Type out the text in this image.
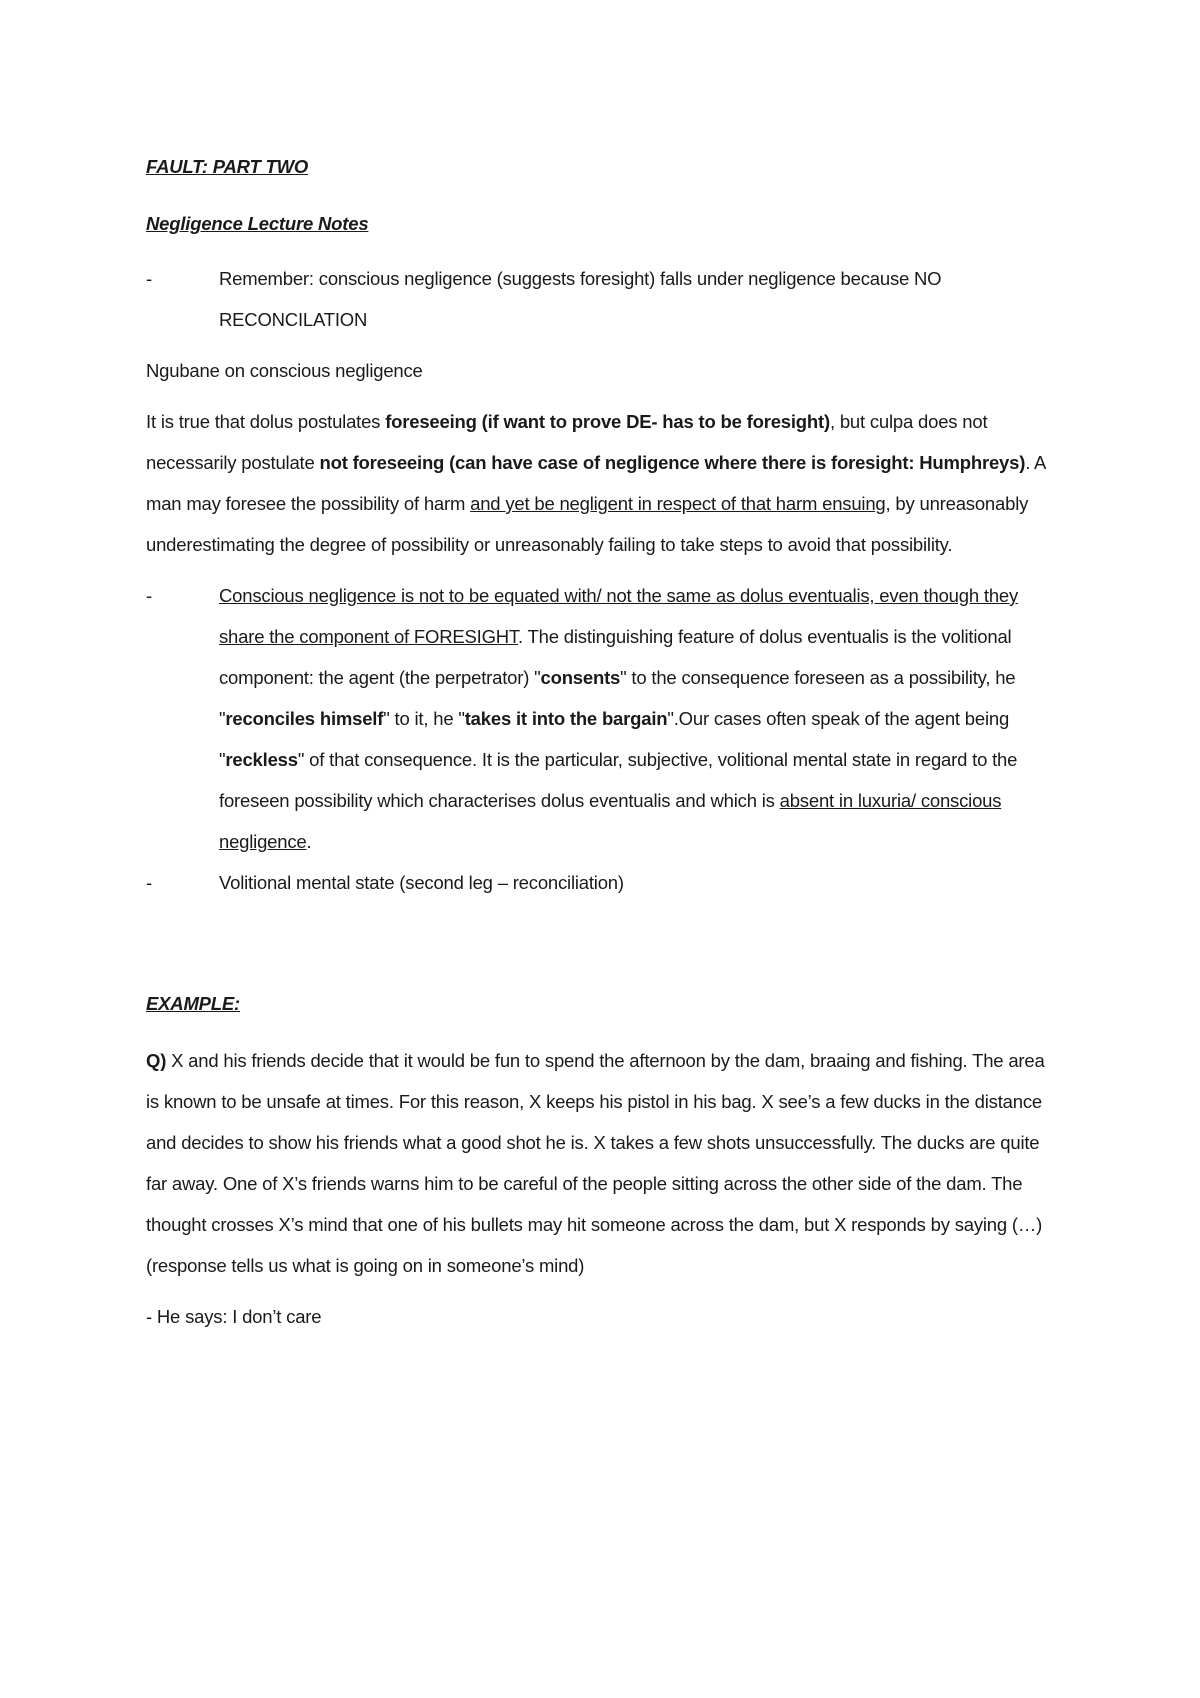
FAULT: PART TWO

Negligence Lecture Notes

-	Remember: conscious negligence (suggests foresight) falls under negligence because NO RECONCILATION

Ngubane on conscious negligence

It is true that dolus postulates foreseeing (if want to prove DE- has to be foresight), but culpa does not necessarily postulate not foreseeing (can have case of negligence where there is foresight: Humphreys). A man may foresee the possibility of harm and yet be negligent in respect of that harm ensuing, by unreasonably underestimating the degree of possibility or unreasonably failing to take steps to avoid that possibility.

-	Conscious negligence is not to be equated with/ not the same as dolus eventualis, even though they share the component of FORESIGHT. The distinguishing feature of dolus eventualis is the volitional component: the agent (the perpetrator) "consents" to the consequence foreseen as a possibility, he "reconciles himself" to it, he "takes it into the bargain".Our cases often speak of the agent being "reckless" of that consequence. It is the particular, subjective, volitional mental state in regard to the foreseen possibility which characterises dolus eventualis and which is absent in luxuria/ conscious negligence.
-	Volitional mental state (second leg – reconciliation)

EXAMPLE:

Q) X and his friends decide that it would be fun to spend the afternoon by the dam, braaing and fishing. The area is known to be unsafe at times. For this reason, X keeps his pistol in his bag. X see’s a few ducks in the distance and decides to show his friends what a good shot he is. X takes a few shots unsuccessfully. The ducks are quite far away. One of X’s friends warns him to be careful of the people sitting across the other side of the dam. The thought crosses X’s mind that one of his bullets may hit someone across the dam, but X responds by saying (…) (response tells us what is going on in someone’s mind)

- He says: I don’t care
